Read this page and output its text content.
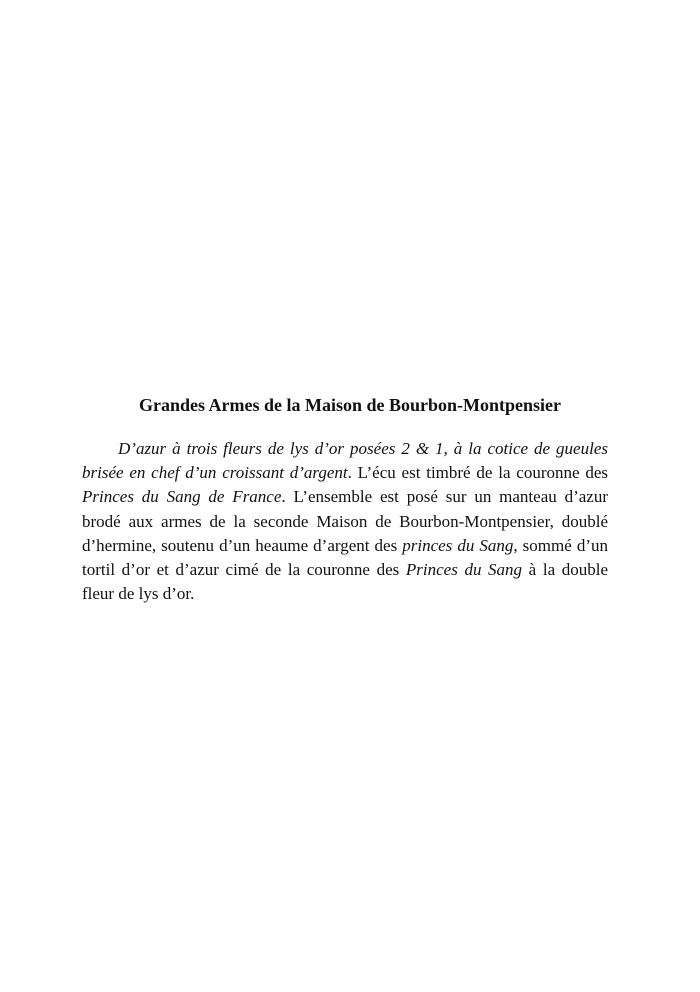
Grandes Armes de la Maison de Bourbon-Montpensier

D’azur à trois fleurs de lys d’or posées 2 & 1, à la cotice de gueules brisée en chef d’un croissant d’argent. L’écu est timbré de la couronne des Princes du Sang de France. L’ensemble est posé sur un manteau d’azur brodé aux armes de la seconde Maison de Bourbon-Montpensier, doublé d’hermine, soutenu d’un heaume d’argent des princes du Sang, sommé d’un tortil d’or et d’azur cimé de la couronne des Princes du Sang à la double fleur de lys d’or.
